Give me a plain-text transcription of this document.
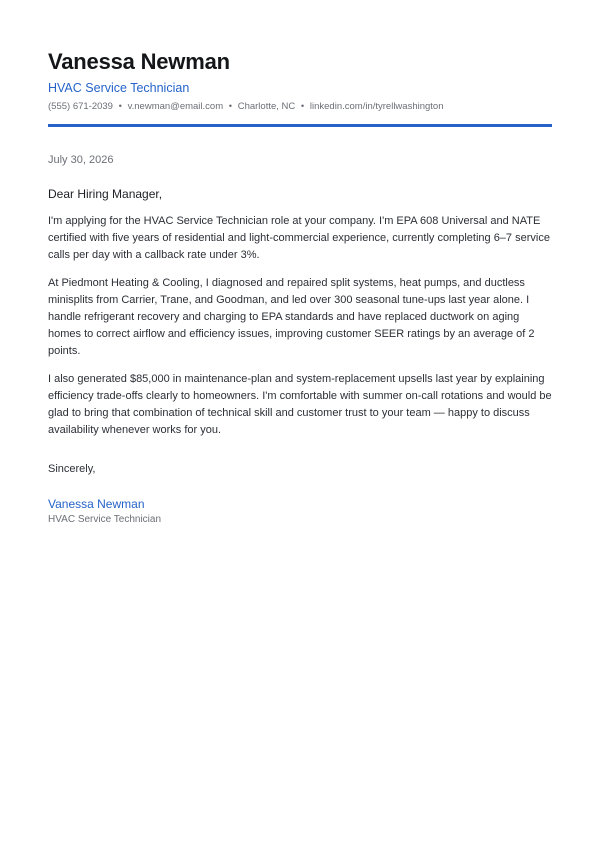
Vanessa Newman
HVAC Service Technician
(555) 671-2039 • v.newman@email.com • Charlotte, NC • linkedin.com/in/tyrellwashington
July 30, 2026
Dear Hiring Manager,

I'm applying for the HVAC Service Technician role at your company. I'm EPA 608 Universal and NATE certified with five years of residential and light-commercial experience, currently completing 6–7 service calls per day with a callback rate under 3%.

At Piedmont Heating & Cooling, I diagnosed and repaired split systems, heat pumps, and ductless minisplits from Carrier, Trane, and Goodman, and led over 300 seasonal tune-ups last year alone. I handle refrigerant recovery and charging to EPA standards and have replaced ductwork on aging homes to correct airflow and efficiency issues, improving customer SEER ratings by an average of 2 points.

I also generated $85,000 in maintenance-plan and system-replacement upsells last year by explaining efficiency trade-offs clearly to homeowners. I'm comfortable with summer on-call rotations and would be glad to bring that combination of technical skill and customer trust to your team — happy to discuss availability whenever works for you.

Sincerely,
Vanessa Newman
HVAC Service Technician
